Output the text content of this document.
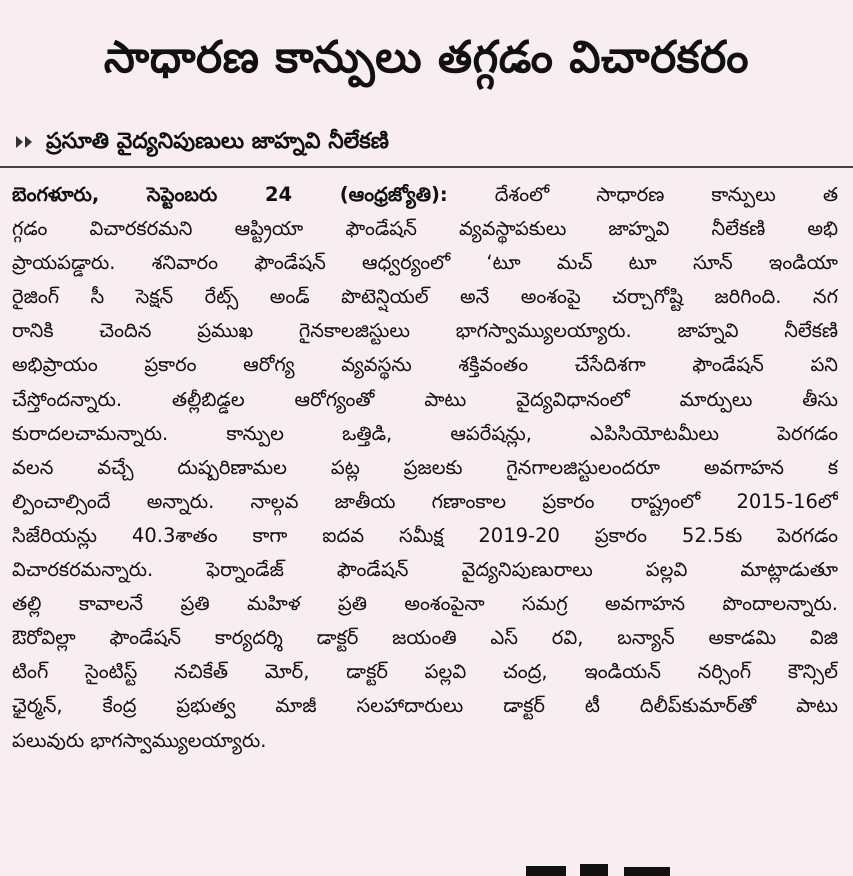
సాధారణ కాన్పులు తగ్గడం విచారకరం
ప్రసూతి వైద్యనిపుణులు జాహ్నవి నీలేకణి
బెంగళూరు, సెప్టెంబరు 24 (ఆంధ్రజ్యోతి): దేశంలో సాధారణ కాన్పులు త
గ్గడం విచారకరమని ఆప్ట్రియా ఫౌండేషన్ వ్యవస్థాపకులు జాహ్నవి నీలేకణి అభి
ప్రాయపడ్డారు. శనివారం ఫౌండేషన్ ఆధ్వర్యంలో ‘టూ మచ్ టూ సూన్ ఇండియా
రైజింగ్ సీ సెక్షన్ రేట్స్ అండ్ పొటెన్షియల్ అనే అంశంపై చర్చాగోష్టి జరిగింది. నగ
రానికి చెందిన ప్రముఖ గైనకాలజిస్టులు భాగస్వామ్యులయ్యారు. జాహ్నవి నీలేకణి
అభిప్రాయం ప్రకారం ఆరోగ్య వ్యవస్థను శక్తివంతం చేసేదిశగా ఫౌండేషన్ పని
చేస్తోందన్నారు. తల్లీబిడ్డల ఆరోగ్యంతో పాటు వైద్యవిధానంలో మార్పులు తీసు
కురాదలచామన్నారు. కాన్పుల ఒత్తిడి, ఆపరేషన్లు, ఎపిసియోటమీలు పెరగడం
వలన వచ్చే దుష్పరిణామల పట్ల ప్రజలకు గైనగాలజిస్టులందరూ అవగాహన క
ల్పించాల్సిందే అన్నారు. నాల్గవ జాతీయ గణాంకాల ప్రకారం రాష్ట్రంలో 2015-16లో
సిజేరియన్లు 40.3శాతం కాగా ఐదవ సమీక్ష 2019-20 ప్రకారం 52.5కు పెరగడం
విచారకరమన్నారు. ఫెర్నాండేజ్ ఫౌండేషన్ వైద్యనిపుణురాలు పల్లవి మాట్లాడుతూ
తల్లి కావాలనే ప్రతి మహిళ ప్రతి అంశంపైనా సమగ్ర అవగాహన పొందాలన్నారు.
ఔరోవిల్లా ఫౌండేషన్ కార్యదర్శి డాక్టర్ జయంతి ఎస్ రవి, బన్యాన్ అకాడమి విజి
టింగ్ సైంటిస్ట్ నచికేత్ మోర్, డాక్టర్ పల్లవి చంద్ర, ఇండియన్ నర్సింగ్ కౌన్సిల్
ఛైర్మన్, కేంద్ర ప్రభుత్వ మాజీ సలహాదారులు డాక్టర్ టీ దిలీప్‌కుమార్‌తో పాటు
పలువురు భాగస్వామ్యులయ్యారు.
